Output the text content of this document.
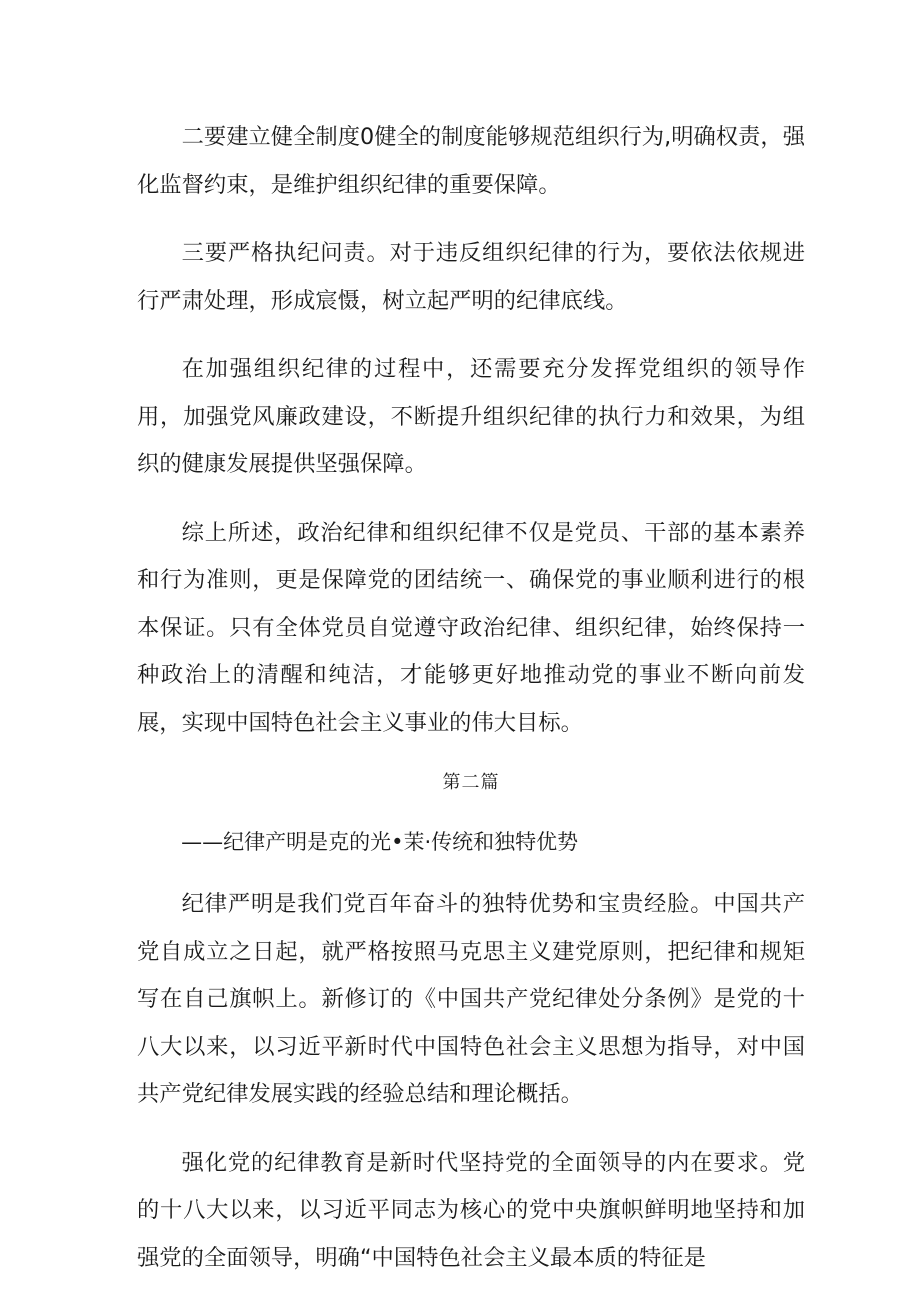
二要建立健全制度0健全的制度能够规范组织行为,明确权责，强化监督约束，是维护组织纪律的重要保障。

三要严格执纪问责。对于违反组织纪律的行为，要依法依规进行严肃处理，形成宸慑，树立起严明的纪律底线。

在加强组织纪律的过程中，还需要充分发挥党组织的领导作用，加强党风廉政建设，不断提升组织纪律的执行力和效果，为组织的健康发展提供坚强保障。

综上所述，政治纪律和组织纪律不仅是党员、干部的基本素养和行为准则，更是保障党的团结统一、确保党的事业顺利进行的根本保证。只有全体党员自觉遵守政治纪律、组织纪律，始终保持一种政治上的清醒和纯洁，才能够更好地推动党的事业不断向前发展，实现中国特色社会主义事业的伟大目标。

第二篇
——纪律产明是克的光•茉·传统和独特优势

纪律严明是我们党百年奋斗的独特优势和宝贵经脸。中国共产党自成立之日起，就严格按照马克思主义建党原则，把纪律和规矩写在自己旗帜上。新修订的《中国共产党纪律处分条例》是党的十八大以来，以习近平新时代中国特色社会主义思想为指导，对中国共产党纪律发展实践的经验总结和理论概括。

强化党的纪律教育是新时代坚持党的全面领导的内在要求。党的十八大以来，以习近平同志为核心的党中央旗帜鲜明地坚持和加强党的全面领导，明确“中国特色社会主义最本质的特征是
